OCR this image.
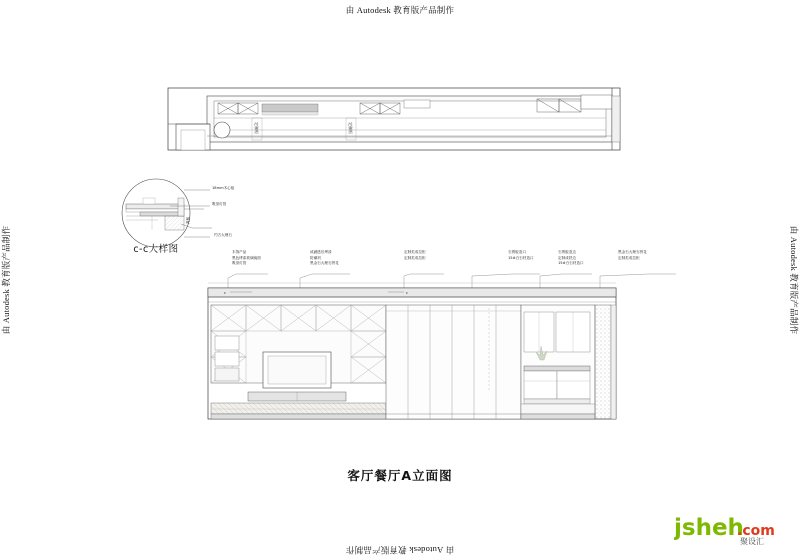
由 Autodesk 教育版产品制作
由 Autodesk 教育版产品制作
由 Autodesk 教育版产品制作	由 Autodesk 教育版产品制作
定制柜	定制柜
c	c
18mm木心板
吸顶灯管
约古大理石
膏板
木饰产品
黑色烤漆玻璃镜面
吸顶灯管
咸涵透后烤漆
防潮剂
黑金石大理石拼花
定制类成拉柜
定制类成拉柜
石膏板造口
15#白石材造口
石膏板造边
定制成铁边
15#白石材造口
黑金石大理石拼花
定制类成拉柜
c-c大样图
客厅餐厅A立面图
jsheh
.com
聚设汇
